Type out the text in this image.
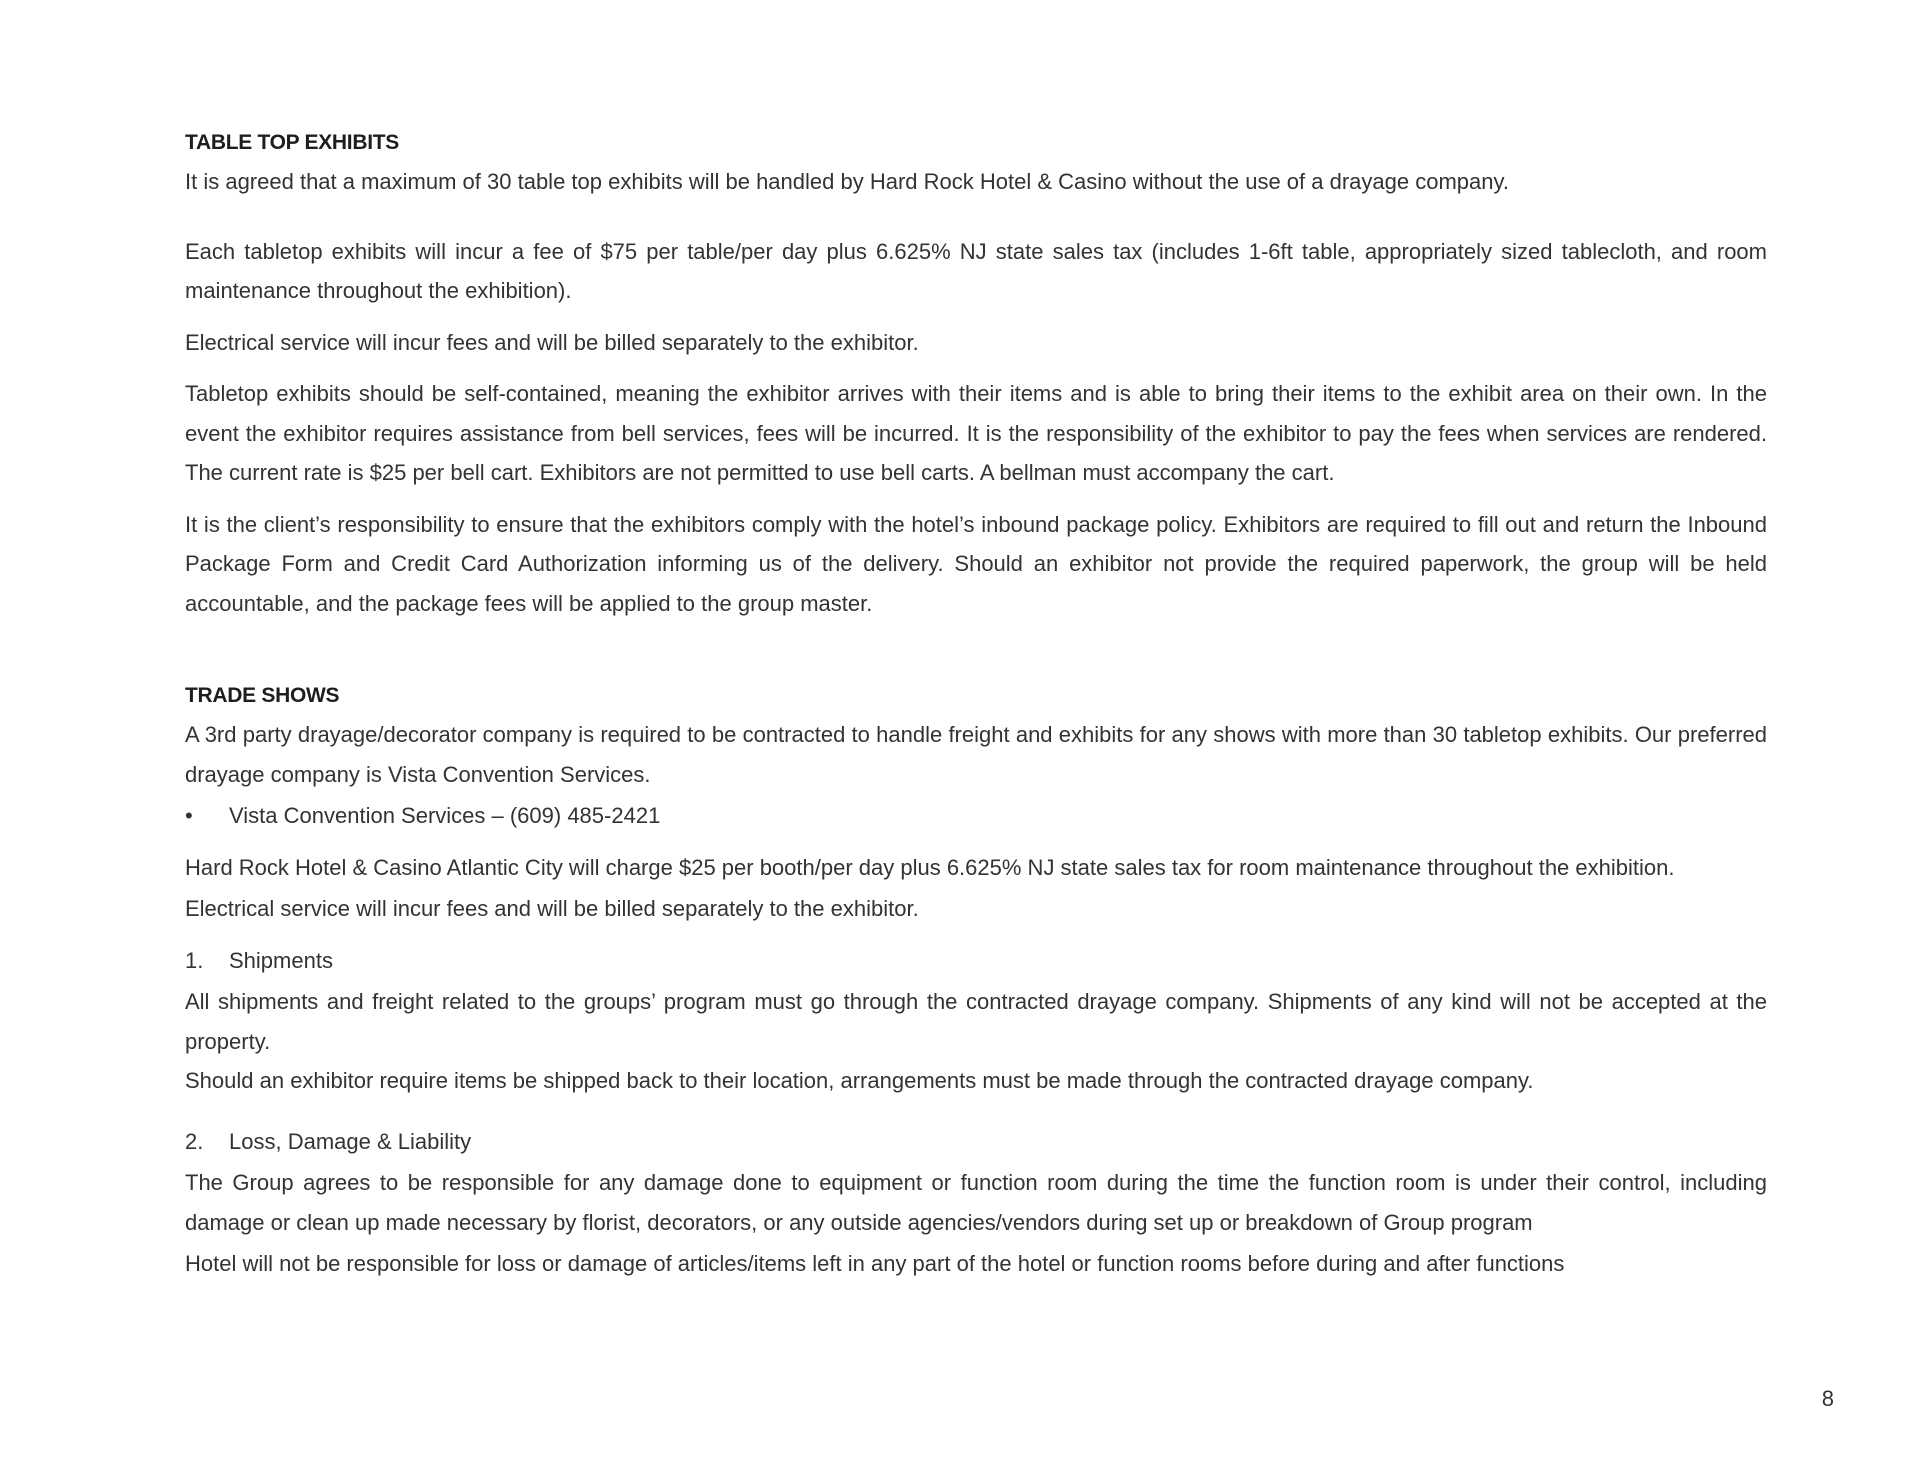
TABLE TOP EXHIBITS

It is agreed that a maximum of 30 table top exhibits will be handled by Hard Rock Hotel & Casino without the use of a drayage company.

Each tabletop exhibits will incur a fee of $75 per table/per day plus 6.625% NJ state sales tax (includes 1-6ft table, appropriately sized tablecloth, and room maintenance throughout the exhibition).

Electrical service will incur fees and will be billed separately to the exhibitor.

Tabletop exhibits should be self-contained, meaning the exhibitor arrives with their items and is able to bring their items to the exhibit area on their own. In the event the exhibitor requires assistance from bell services, fees will be incurred. It is the responsibility of the exhibitor to pay the fees when services are rendered. The current rate is $25 per bell cart. Exhibitors are not permitted to use bell carts. A bellman must accompany the cart.

It is the client’s responsibility to ensure that the exhibitors comply with the hotel’s inbound package policy. Exhibitors are required to fill out and return the Inbound Package Form and Credit Card Authorization informing us of the delivery. Should an exhibitor not provide the required paperwork, the group will be held accountable, and the package fees will be applied to the group master.

TRADE SHOWS

A 3rd party drayage/decorator company is required to be contracted to handle freight and exhibits for any shows with more than 30 tabletop exhibits. Our preferred drayage company is Vista Convention Services.

•	Vista Convention Services – (609) 485-2421

Hard Rock Hotel & Casino Atlantic City will charge $25 per booth/per day plus 6.625% NJ state sales tax for room maintenance throughout the exhibition.

Electrical service will incur fees and will be billed separately to the exhibitor.

1.	Shipments

All shipments and freight related to the groups’ program must go through the contracted drayage company. Shipments of any kind will not be accepted at the property.

Should an exhibitor require items be shipped back to their location, arrangements must be made through the contracted drayage company.

2.	Loss, Damage & Liability

The Group agrees to be responsible for any damage done to equipment or function room during the time the function room is under their control, including damage or clean up made necessary by florist, decorators, or any outside agencies/vendors during set up or breakdown of Group program

Hotel will not be responsible for loss or damage of articles/items left in any part of the hotel or function rooms before during and after functions

8
